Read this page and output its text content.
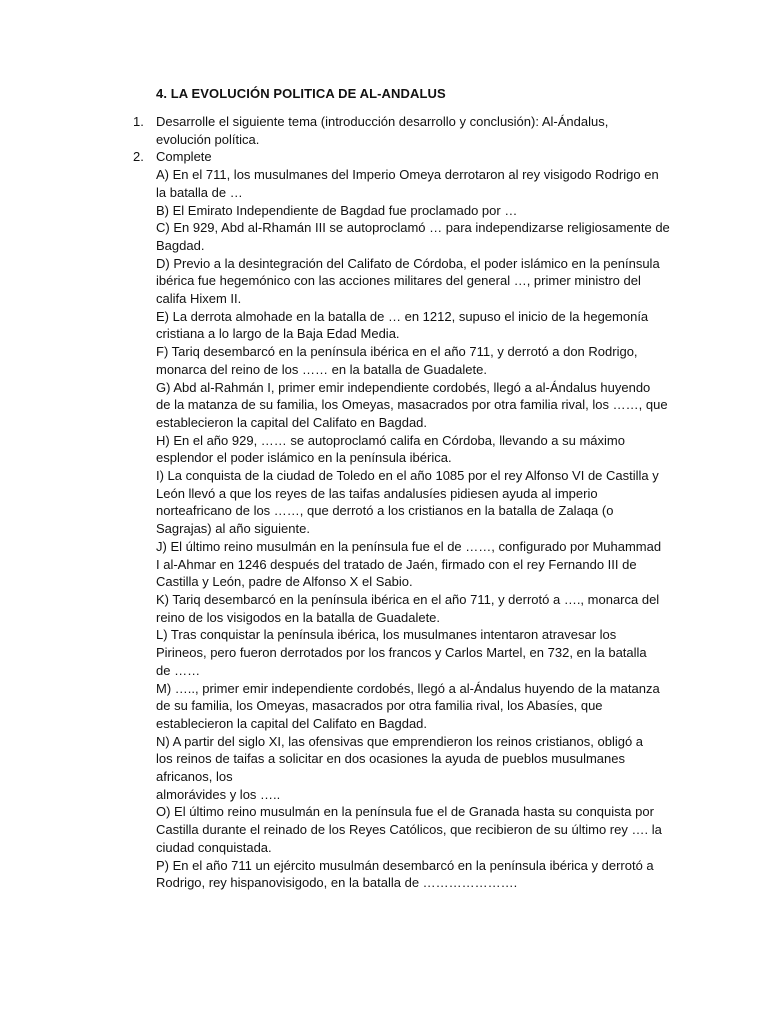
4. LA EVOLUCIÓN POLITICA DE AL-ANDALUS
1. Desarrolle el siguiente tema (introducción desarrollo y conclusión): Al-Ándalus,
evolución política.
2. Complete
A) En el 711, los musulmanes del Imperio Omeya derrotaron al rey visigodo Rodrigo en
la batalla de …
B) El Emirato Independiente de Bagdad fue proclamado por …
C) En 929, Abd al-Rhamán III se autoproclamó … para independizarse religiosamente de
Bagdad.
D) Previo a la desintegración del Califato de Córdoba, el poder islámico en la península
ibérica fue hegemónico con las acciones militares del general …, primer ministro del
califa Hixem II.
E) La derrota almohade en la batalla de … en 1212, supuso el inicio de la hegemonía
cristiana a lo largo de la Baja Edad Media.
F) Tariq desembarcó en la península ibérica en el año 711, y derrotó a don Rodrigo,
monarca del reino de los …… en la batalla de Guadalete.
G) Abd al-Rahmán I, primer emir independiente cordobés, llegó a al-Ándalus huyendo
de la matanza de su familia, los Omeyas, masacrados por otra familia rival, los ……, que
establecieron la capital del Califato en Bagdad.
H) En el año 929, …… se autoproclamó califa en Córdoba, llevando a su máximo
esplendor el poder islámico en la península ibérica.
I) La conquista de la ciudad de Toledo en el año 1085 por el rey Alfonso VI de Castilla y
León llevó a que los reyes de las taifas andalusíes pidiesen ayuda al imperio
norteafricano de los ……, que derrotó a los cristianos en la batalla de Zalaqa (o
Sagrajas) al año siguiente.
J) El último reino musulmán en la península fue el de ……, configurado por Muhammad
I al-Ahmar en 1246 después del tratado de Jaén, firmado con el rey Fernando III de
Castilla y León, padre de Alfonso X el Sabio.
K) Tariq desembarcó en la península ibérica en el año 711, y derrotó a …., monarca del
reino de los visigodos en la batalla de Guadalete.
L) Tras conquistar la península ibérica, los musulmanes intentaron atravesar los
Pirineos, pero fueron derrotados por los francos y Carlos Martel, en 732, en la batalla
de ……
M) ….., primer emir independiente cordobés, llegó a al-Ándalus huyendo de la matanza
de su familia, los Omeyas, masacrados por otra familia rival, los Abasíes, que
establecieron la capital del Califato en Bagdad.
N) A partir del siglo XI, las ofensivas que emprendieron los reinos cristianos, obligó a
los reinos de taifas a solicitar en dos ocasiones la ayuda de pueblos musulmanes
africanos, los
almorávides y los …..
O) El último reino musulmán en la península fue el de Granada hasta su conquista por
Castilla durante el reinado de los Reyes Católicos, que recibieron de su último rey …. la
ciudad conquistada.
P) En el año 711 un ejército musulmán desembarcó en la península ibérica y derrotó a
Rodrigo, rey hispanovisigodo, en la batalla de ………………….
